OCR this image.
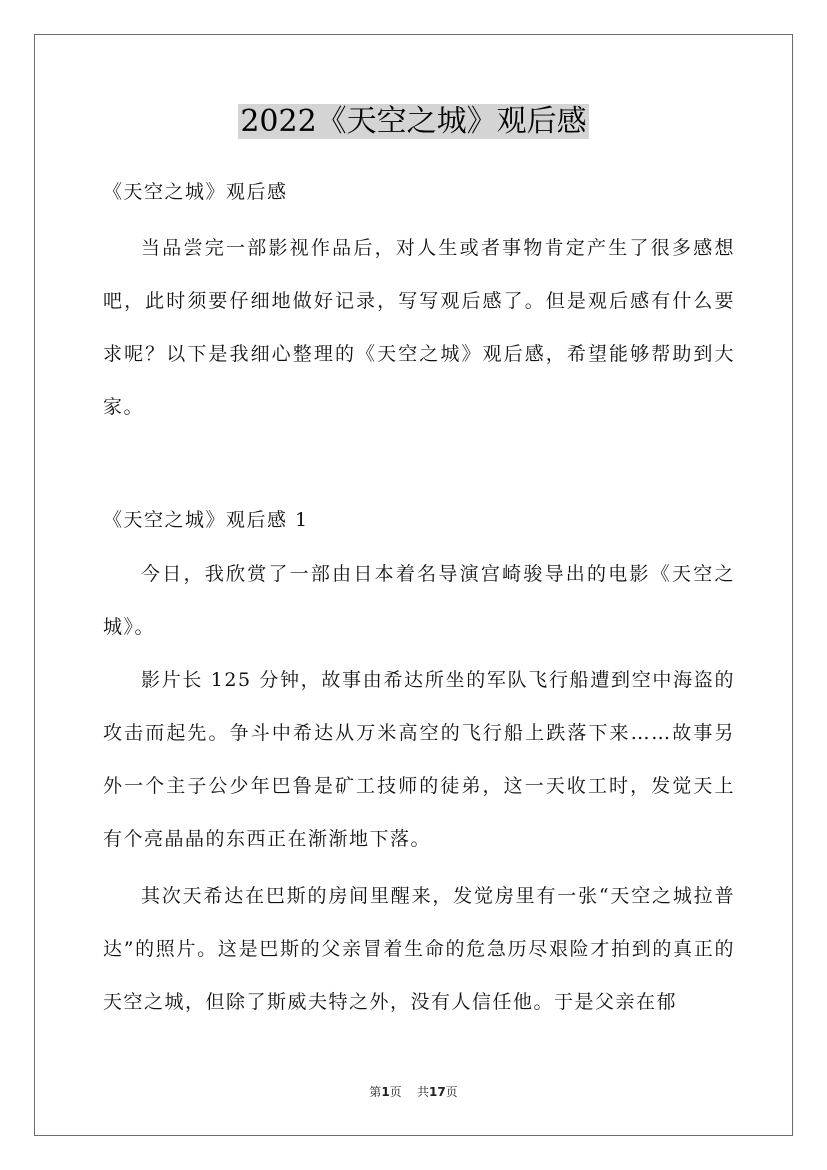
2022《天空之城》观后感

《天空之城》观后感

当品尝完一部影视作品后，对人生或者事物肯定产生了很多感想吧，此时须要仔细地做好记录，写写观后感了。但是观后感有什么要求呢？以下是我细心整理的《天空之城》观后感，希望能够帮助到大家。

《天空之城》观后感 1

今日，我欣赏了一部由日本着名导演宫崎骏导出的电影《天空之城》。

影片长 125 分钟，故事由希达所坐的军队飞行船遭到空中海盗的攻击而起先。争斗中希达从万米高空的飞行船上跌落下来……故事另外一个主子公少年巴鲁是矿工技师的徒弟，这一天收工时，发觉天上有个亮晶晶的东西正在渐渐地下落。

其次天希达在巴斯的房间里醒来，发觉房里有一张“天空之城拉普达”的照片。这是巴斯的父亲冒着生命的危急历尽艰险才拍到的真正的天空之城，但除了斯威夫特之外，没有人信任他。于是父亲在郁

第1页 共17页
